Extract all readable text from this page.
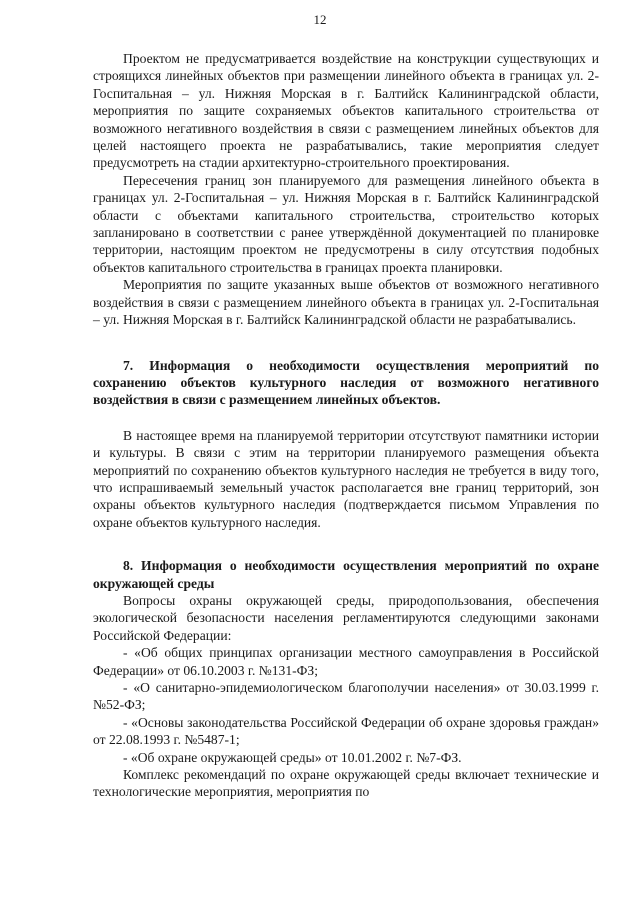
12

Проектом не предусматривается воздействие на конструкции существующих и строящихся линейных объектов при размещении линейного объекта в границах ул. 2-Госпитальная – ул. Нижняя Морская в г. Балтийск Калининградской области, мероприятия по защите сохраняемых объектов капитального строительства от возможного негативного воздействия в связи с размещением линейных объектов для целей настоящего проекта не разрабатывались, такие мероприятия следует предусмотреть на стадии архитектурно-строительного проектирования.

Пересечения границ зон планируемого для размещения линейного объекта в границах ул. 2-Госпитальная – ул. Нижняя Морская в г. Балтийск Калининградской области с объектами капитального строительства, строительство которых запланировано в соответствии с ранее утверждённой документацией по планировке территории, настоящим проектом не предусмотрены в силу отсутствия подобных объектов капитального строительства в границах проекта планировки.

Мероприятия по защите указанных выше объектов от возможного негативного воздействия в связи с размещением линейного объекта в границах ул. 2-Госпитальная – ул. Нижняя Морская в г. Балтийск Калининградской области не разрабатывались.

7. Информация о необходимости осуществления мероприятий по сохранению объектов культурного наследия от возможного негативного воздействия в связи с размещением линейных объектов.

В настоящее время на планируемой территории отсутствуют памятники истории и культуры. В связи с этим на территории планируемого размещения объекта мероприятий по сохранению объектов культурного наследия не требуется в виду того, что испрашиваемый земельный участок располагается вне границ территорий, зон охраны объектов культурного наследия (подтверждается письмом Управления по охране объектов культурного наследия.

8. Информация о необходимости осуществления мероприятий по охране окружающей среды

Вопросы охраны окружающей среды, природопользования, обеспечения экологической безопасности населения регламентируются следующими законами Российской Федерации:

- «Об общих принципах организации местного самоуправления в Российской Федерации» от 06.10.2003 г. №131-ФЗ;

- «О санитарно-эпидемиологическом благополучии населения» от 30.03.1999 г. №52-ФЗ;

- «Основы законодательства Российской Федерации об охране здоровья граждан» от 22.08.1993 г. №5487-1;

- «Об охране окружающей среды» от 10.01.2002 г. №7-ФЗ.

Комплекс рекомендаций по охране окружающей среды включает технические и технологические мероприятия, мероприятия по
